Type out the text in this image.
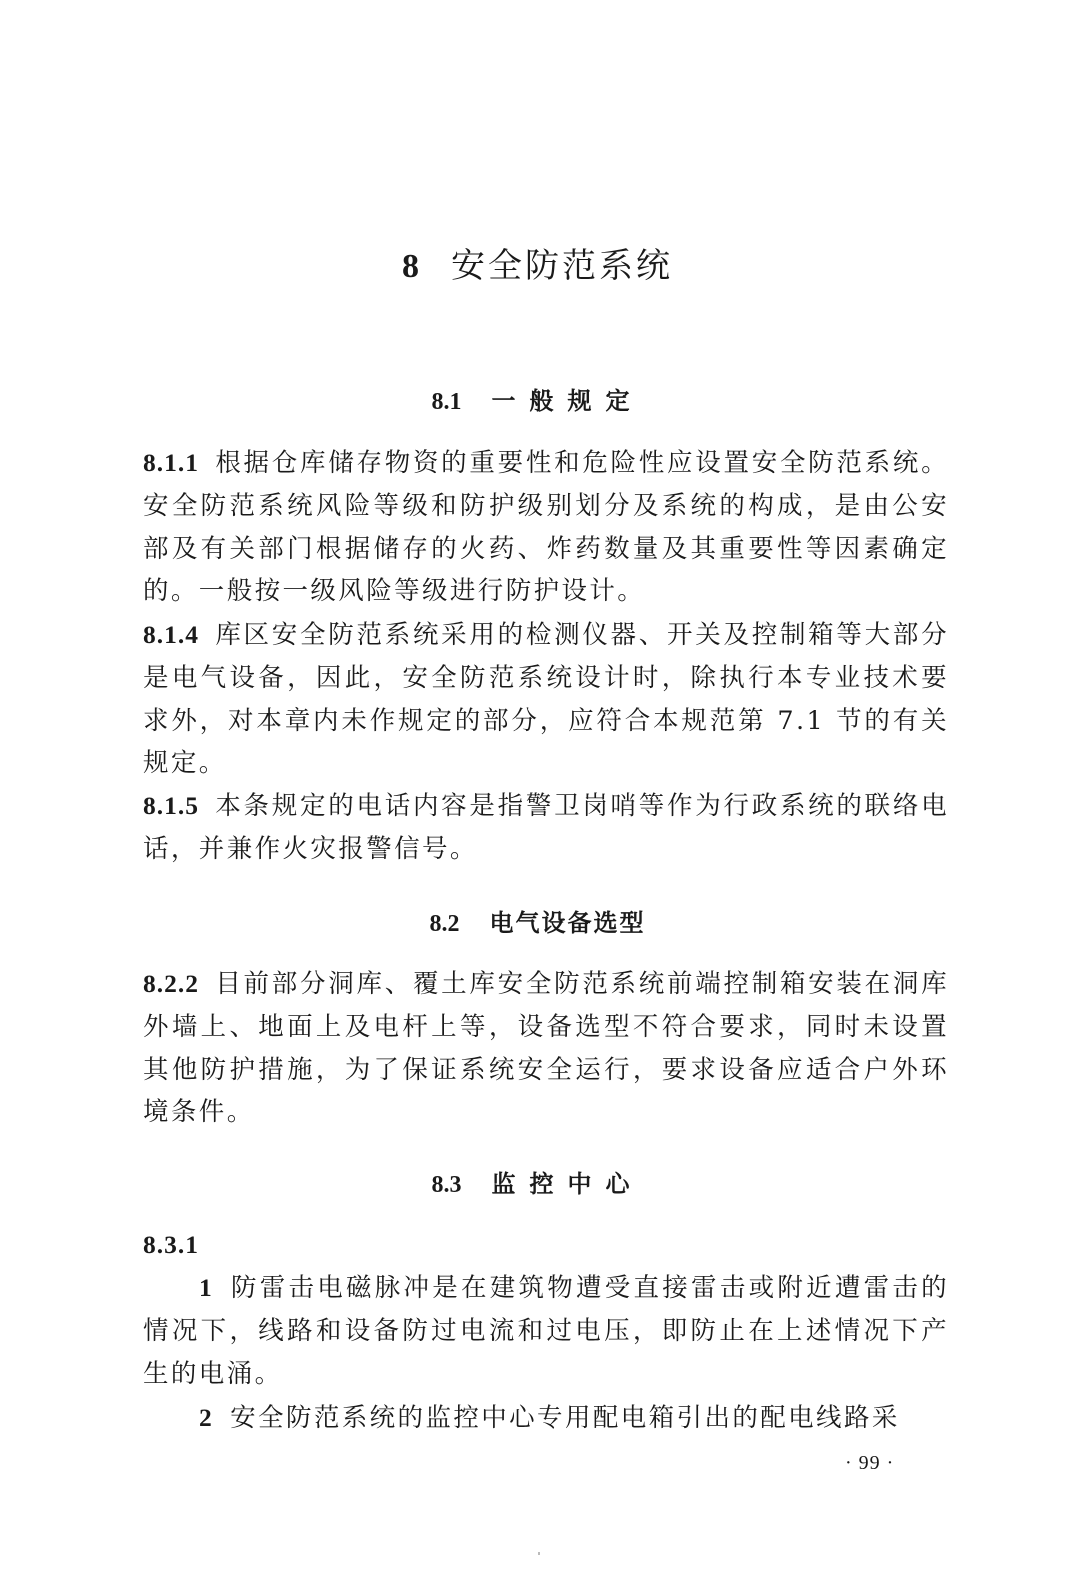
8 安全防范系统
8.1 一般规定
8.1.1 根据仓库储存物资的重要性和危险性应设置安全防范系统。安全防范系统风险等级和防护级别划分及系统的构成，是由公安部及有关部门根据储存的火药、炸药数量及其重要性等因素确定的。一般按一级风险等级进行防护设计。
8.1.4 库区安全防范系统采用的检测仪器、开关及控制箱等大部分是电气设备，因此，安全防范系统设计时，除执行本专业技术要求外，对本章内未作规定的部分，应符合本规范第 7.1 节的有关规定。
8.1.5 本条规定的电话内容是指警卫岗哨等作为行政系统的联络电话，并兼作火灾报警信号。
8.2 电气设备选型
8.2.2 目前部分洞库、覆土库安全防范系统前端控制箱安装在洞库外墙上、地面上及电杆上等，设备选型不符合要求，同时未设置其他防护措施，为了保证系统安全运行，要求设备应适合户外环境条件。
8.3 监控中心
8.3.1
1 防雷击电磁脉冲是在建筑物遭受直接雷击或附近遭雷击的情况下，线路和设备防过电流和过电压，即防止在上述情况下产生的电涌。
2 安全防范系统的监控中心专用配电箱引出的配电线路采
· 99 ·
